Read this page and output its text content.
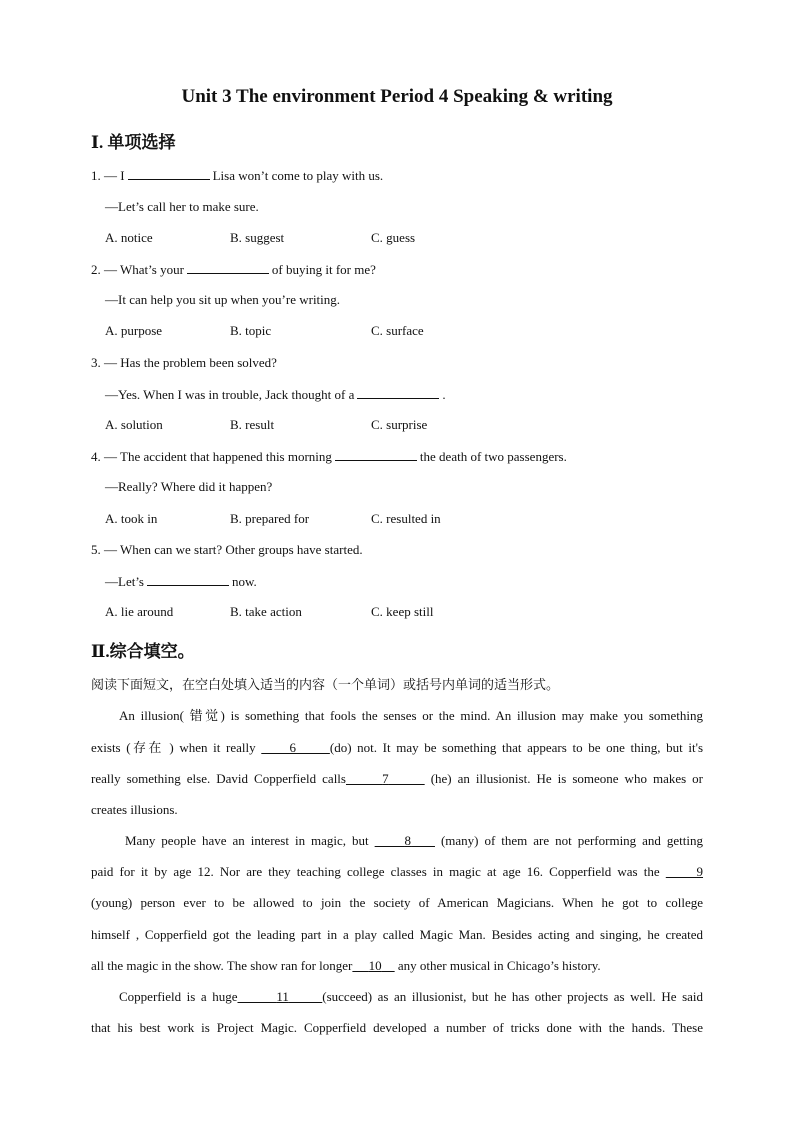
Unit 3 The environment Period 4 Speaking & writing
Ⅰ. 单项选择
1. — I	Lisa won’t come to play with us.
—Let’s call her to make sure.
A. notice	B. suggest	C. guess
2. — What’s your	of buying it for me?
—It can help you sit up when you’re writing.
A. purpose	B. topic	C. surface
3. — Has the problem been solved?
—Yes. When I was in trouble, Jack thought of a	.
A. solution	B. result	C. surprise
4. — The accident that happened this morning	the death of two passengers.
—Really? Where did it happen?
A. took in	B. prepared for	C. resulted in
5. — When can we start? Other groups have started.
—Let’s	now.
A. lie around	B. take action	C. keep still
Ⅱ.综合填空。
阅读下面短文，在空白处填入适当的内容（一个单词）或括号内单词的适当形式。
An illusion( 错觉) is something that fools the senses or the mind. An illusion may make you something
exists (存在 ) when it really	6	(do) not. It may be something that appears to be one thing, but it's
really something else. David Copperfield calls	7	(he) an illusionist. He is someone who makes or
creates illusions.
Many people have an interest in magic, but	8 (many) of them are not performing and getting
paid for it by age 12. Nor are they teaching college classes in magic at age 16. Copperfield was the	9
(young) person ever to be allowed to join the society of American Magicians. When he got to college
himself , Copperfield got the leading part in a play called Magic Man. Besides acting and singing, he created
all the magic in the show. The show ran for longer 10 any other musical in Chicago’s history.
Copperfield is a huge	11	(succeed) as an illusionist, but he has other projects as well. He said
that his best work is Project Magic. Copperfield developed a number of tricks done with the hands. These
